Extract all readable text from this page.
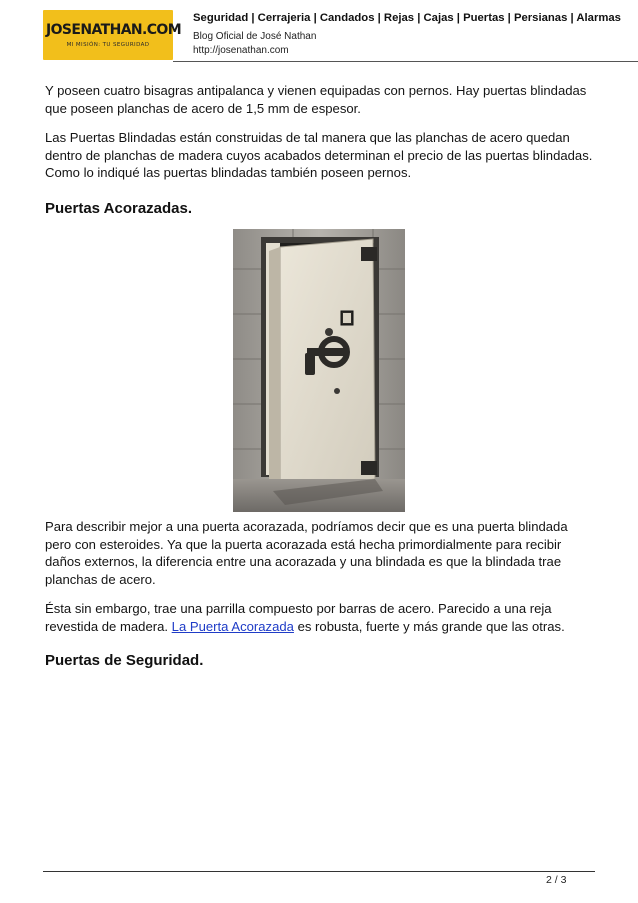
JOSENATHAN.COM
MI MISIÓN: TU SEGURIDAD
Seguridad | Cerrajeria | Candados | Rejas | Cajas | Puertas | Persianas | Alarmas
Blog Oficial de José Nathan
http://josenathan.com

Y poseen cuatro bisagras antipalanca y vienen equipadas con pernos. Hay puertas blindadas que poseen planchas de acero de 1,5 mm de espesor.

Las Puertas Blindadas están construidas de tal manera que las planchas de acero quedan dentro de planchas de madera cuyos acabados determinan el precio de las puertas blindadas. Como lo indiqué las puertas blindadas también poseen pernos.

Puertas Acorazadas.

Para describir mejor a una puerta acorazada, podríamos decir que es una puerta blindada pero con esteroides. Ya que la puerta acorazada está hecha primordialmente para recibir daños externos, la diferencia entre una acorazada y una blindada es que la blindada trae planchas de acero.

Ésta sin embargo, trae una parrilla compuesto por barras de acero. Parecido a una reja revestida de madera. La Puerta Acorazada es robusta, fuerte y más grande que las otras.

Puertas de Seguridad.
2 / 3
